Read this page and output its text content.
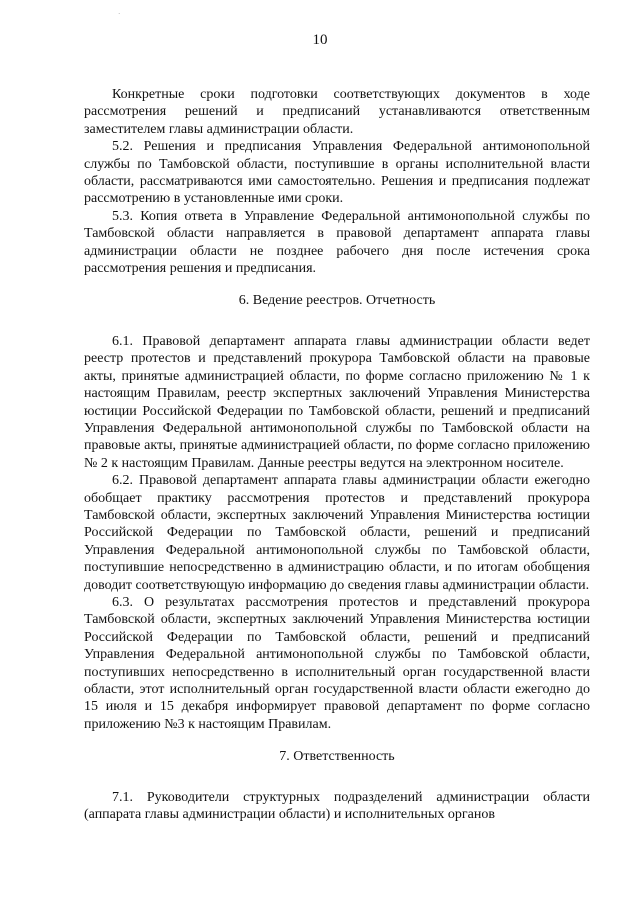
·
10

Конкретные сроки подготовки соответствующих документов в ходе рассмотрения решений и предписаний устанавливаются ответственным заместителем главы администрации области.

5.2. Решения и предписания Управления Федеральной антимонопольной службы по Тамбовской области, поступившие в органы исполнительной власти области, рассматриваются ими самостоятельно. Решения и предписания подлежат рассмотрению в установленные ими сроки.

5.3. Копия ответа в Управление Федеральной антимонопольной службы по Тамбовской области направляется в правовой департамент аппарата главы администрации области не позднее рабочего дня после истечения срока рассмотрения решения и предписания.

6. Ведение реестров. Отчетность

6.1. Правовой департамент аппарата главы администрации области ведет реестр протестов и представлений прокурора Тамбовской области на правовые акты, принятые администрацией области, по форме согласно приложению № 1 к настоящим Правилам, реестр экспертных заключений Управления Министерства юстиции Российской Федерации по Тамбовской области, решений и предписаний Управления Федеральной антимонопольной службы по Тамбовской области на правовые акты, принятые администрацией области, по форме согласно приложению № 2 к настоящим Правилам. Данные реестры ведутся на электронном носителе.

6.2. Правовой департамент аппарата главы администрации области ежегодно обобщает практику рассмотрения протестов и представлений прокурора Тамбовской области, экспертных заключений Управления Министерства юстиции Российской Федерации по Тамбовской области, решений и предписаний Управления Федеральной антимонопольной службы по Тамбовской области, поступившие непосредственно в администрацию области, и по итогам обобщения доводит соответствующую информацию до сведения главы администрации области.

6.3. О результатах рассмотрения протестов и представлений прокурора Тамбовской области, экспертных заключений Управления Министерства юстиции Российской Федерации по Тамбовской области, решений и предписаний Управления Федеральной антимонопольной службы по Тамбовской области, поступивших непосредственно в исполнительный орган государственной власти области, этот исполнительный орган государственной власти области ежегодно до 15 июля и 15 декабря информирует правовой департамент по форме согласно приложению №3 к настоящим Правилам.

7. Ответственность

7.1. Руководители структурных подразделений администрации области (аппарата главы администрации области) и исполнительных органов
